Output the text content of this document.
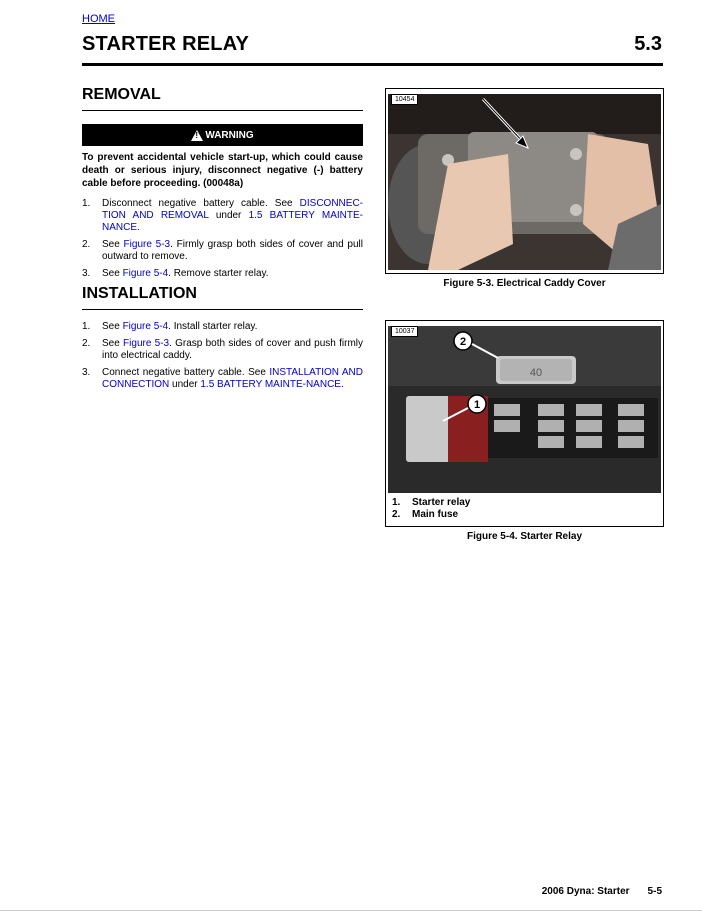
HOME
STARTER RELAY	5.3
REMOVAL
! WARNING
To prevent accidental vehicle start-up, which could cause death or serious injury, disconnect negative (-) battery cable before proceeding. (00048a)
1.	Disconnect negative battery cable. See DISCONNEC-TION AND REMOVAL under 1.5 BATTERY MAINTE-NANCE.
2.	See Figure 5-3. Firmly grasp both sides of cover and pull outward to remove.
3.	See Figure 5-4. Remove starter relay.
INSTALLATION
1.	See Figure 5-4. Install starter relay.
2.	See Figure 5-3. Grasp both sides of cover and push firmly into electrical caddy.
3.	Connect negative battery cable. See INSTALLATION AND CONNECTION under 1.5 BATTERY MAINTE-NANCE.
10454
Figure 5-3. Electrical Caddy Cover
10037
40
2
1
1. Starter relay
2. Main fuse
Figure 5-4. Starter Relay
2006 Dyna: Starter 5-5
